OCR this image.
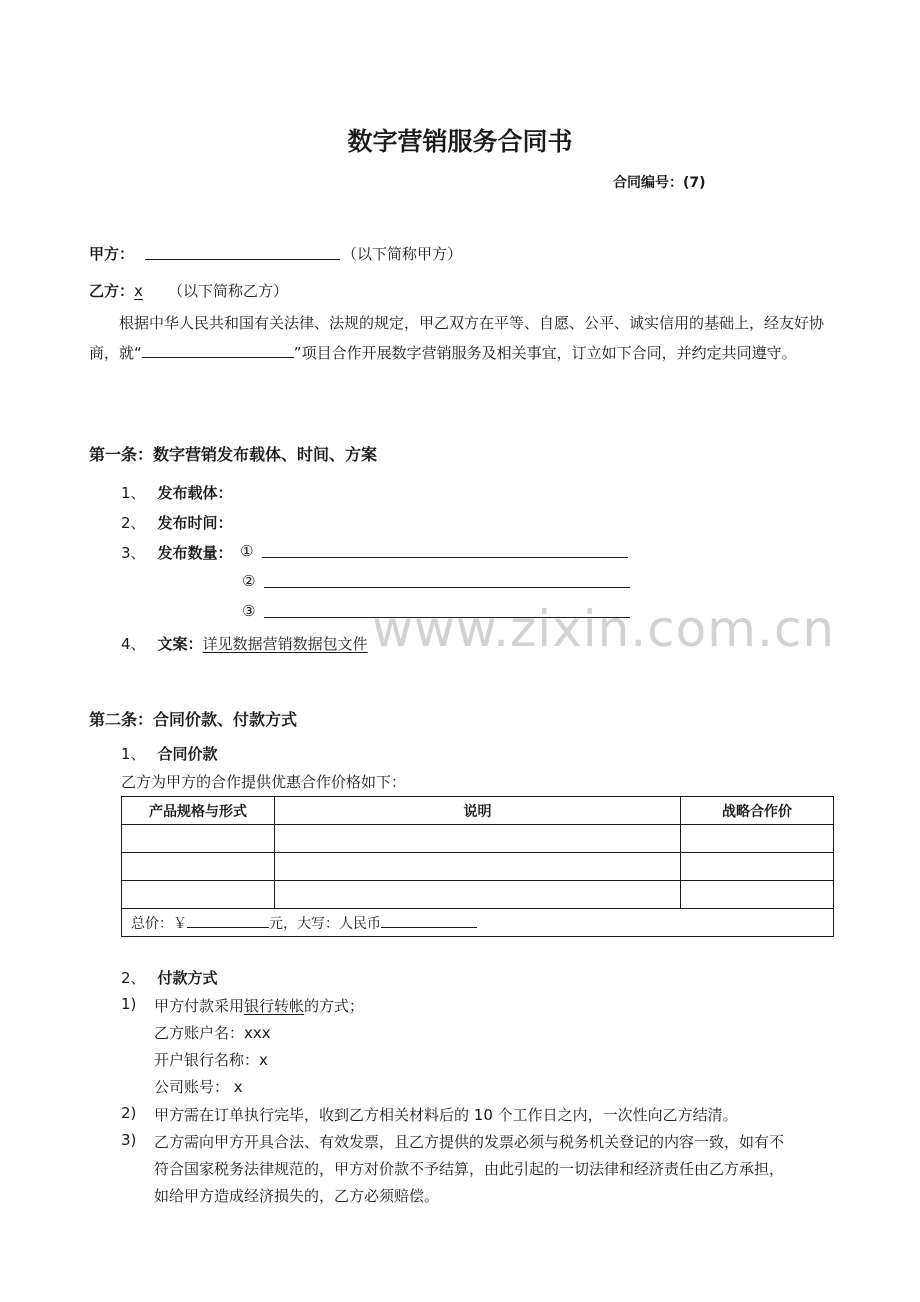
www.zixin.com.cn
数字营销服务合同书
合同编号：(7)
甲方：	（以下简称甲方）
乙方：x	（以下简称乙方）
根据中华人民共和国有关法律、法规的规定，甲乙双方在平等、自愿、公平、诚实信用的基础上，经友好协商，就“	”项目合作开展数字营销服务及相关事宜，订立如下合同，并约定共同遵守。
第一条：数字营销发布载体、时间、方案
1、 发布载体：
2、 发布时间：
3、 发布数量： ①
②
③
4、 文案：详见数据营销数据包文件
第二条：合同价款、付款方式
1、 合同价款
乙方为甲方的合作提供优惠合作价格如下：
产品规格与形式	说明	战略合作价

总价：￥ 元，大写：人民币		
2、 付款方式
1) 甲方付款采用银行转帐的方式；
乙方账户名：xxx
开户银行名称：x
公司账号： x
2) 甲方需在订单执行完毕，收到乙方相关材料后的 10 个工作日之内，一次性向乙方结清。
3) 乙方需向甲方开具合法、有效发票，且乙方提供的发票必须与税务机关登记的内容一致，如有不
符合国家税务法律规范的，甲方对价款不予结算，由此引起的一切法律和经济责任由乙方承担，
如给甲方造成经济损失的，乙方必须赔偿。
